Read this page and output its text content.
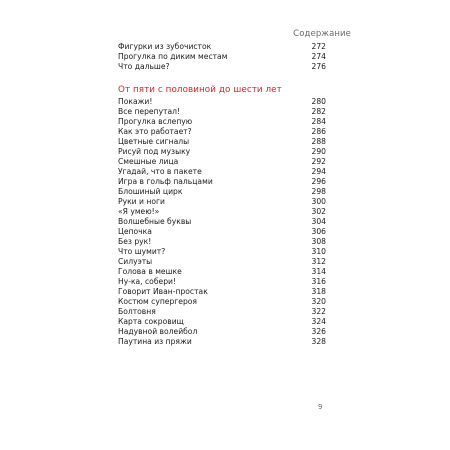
Содержание
Фигурки из зубочисток	272
Прогулка по диким местам	274
Что дальше?	276
От пяти с половиной до шести лет
Покажи!	280
Все перепутал!	282
Прогулка вслепую	284
Как это работает?	286
Цветные сигналы	288
Рисуй под музыку	290
Смешные лица	292
Угадай, что в пакете	294
Игра в гольф пальцами	296
Блошиный цирк	298
Руки и ноги	300
«Я умею!»	302
Волшебные буквы	304
Цепочка	306
Без рук!	308
Что шумит?	310
Силуэты	312
Голова в мешке	314
Ну-ка, собери!	316
Говорит Иван-простак	318
Костюм супергероя	320
Болтовня	322
Карта сокровищ	324
Надувной волейбол	326
Паутина из пряжи	328
9
